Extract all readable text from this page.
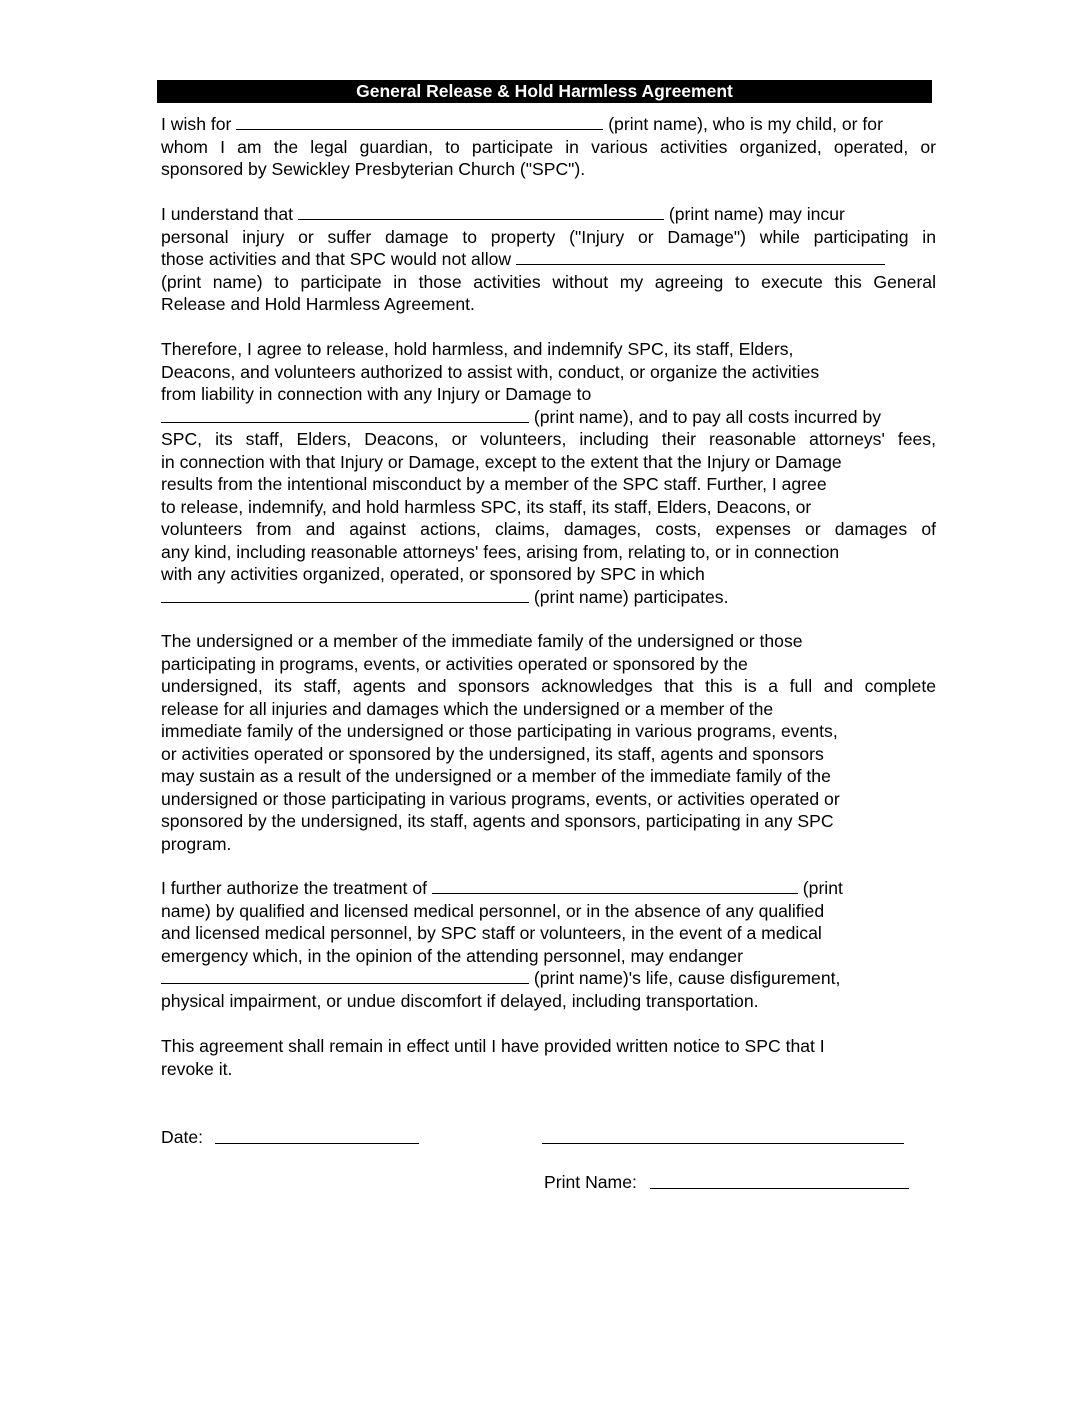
General Release & Hold Harmless Agreement
I wish for	(print name), who is my child, or for
whom I am the legal guardian, to participate in various activities organized, operated, or
sponsored by Sewickley Presbyterian Church ("SPC").
I understand that	(print name) may incur
personal injury or suffer damage to property ("Injury or Damage") while participating in
those activities and that SPC would not allow
(print name) to participate in those activities without my agreeing to execute this General
Release and Hold Harmless Agreement.
Therefore, I agree to release, hold harmless, and indemnify SPC, its staff, Elders,
Deacons, and volunteers authorized to assist with, conduct, or organize the activities
from liability in connection with any Injury or Damage to
(print name), and to pay all costs incurred by
SPC, its staff, Elders, Deacons, or volunteers, including their reasonable attorneys' fees,
in connection with that Injury or Damage, except to the extent that the Injury or Damage
results from the intentional misconduct by a member of the SPC staff. Further, I agree
to release, indemnify, and hold harmless SPC, its staff, its staff, Elders, Deacons, or
volunteers from and against actions, claims, damages, costs, expenses or damages of
any kind, including reasonable attorneys' fees, arising from, relating to, or in connection
with any activities organized, operated, or sponsored by SPC in which
(print name) participates.
The undersigned or a member of the immediate family of the undersigned or those
participating in programs, events, or activities operated or sponsored by the
undersigned, its staff, agents and sponsors acknowledges that this is a full and complete
release for all injuries and damages which the undersigned or a member of the
immediate family of the undersigned or those participating in various programs, events,
or activities operated or sponsored by the undersigned, its staff, agents and sponsors
may sustain as a result of the undersigned or a member of the immediate family of the
undersigned or those participating in various programs, events, or activities operated or
sponsored by the undersigned, its staff, agents and sponsors, participating in any SPC
program.
I further authorize the treatment of	(print
name) by qualified and licensed medical personnel, or in the absence of any qualified
and licensed medical personnel, by SPC staff or volunteers, in the event of a medical
emergency which, in the opinion of the attending personnel, may endanger
(print name)'s life, cause disfigurement,
physical impairment, or undue discomfort if delayed, including transportation.
This agreement shall remain in effect until I have provided written notice to SPC that I
revoke it.
Date:
Print Name:
